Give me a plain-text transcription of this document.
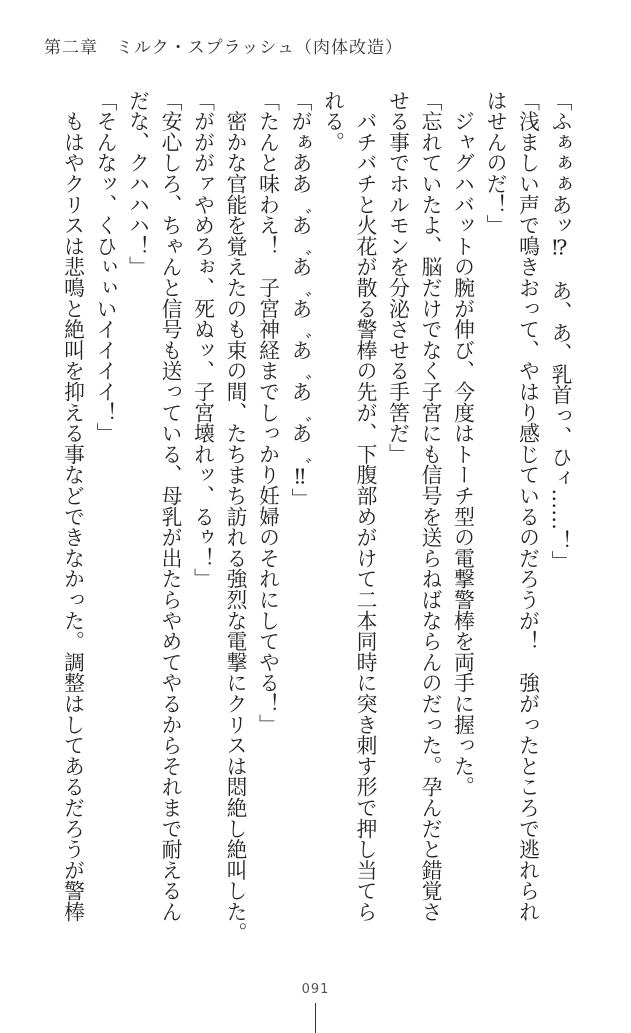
第二章　ミルク・スプラッシュ（肉体改造）
「ふぁぁぁあッ⁉　あ、あ、乳首っ、ひィ……！」
「浅ましい声で鳴きおって、やはり感じているのだろうが！　強がったところで逃れられ
はせんのだ！」
　ジャグハバットの腕が伸び、今度はトーチ型の電撃警棒を両手に握った。
「忘れていたよ、脳だけでなく子宮にも信号を送らねばならんのだった。孕んだと錯覚さ
せる事でホルモンを分泌させる手筈だ」
　バチバチと火花が散る警棒の先が、下腹部めがけて二本同時に突き刺す形で押し当てら
れる。
「がぁああ゛あ゛あ゛あ゛あ゛あ゛あ゛‼」
「たんと味わえ！　子宮神経までしっかり妊婦のそれにしてやる！」
　密かな官能を覚えたのも束の間、たちまち訪れる強烈な電撃にクリスは悶絶し絶叫した。
「がががァやめろぉ、死ぬッ、子宮壊れッ、るゥ！」
「安心しろ、ちゃんと信号も送っている、母乳が出たらやめてやるからそれまで耐えるん
だな、クハハハ！」
「そんなッ、くひぃぃいイイイイ！」
　もはやクリスは悲鳴と絶叫を抑える事などできなかった。調整はしてあるだろうが警棒
091
